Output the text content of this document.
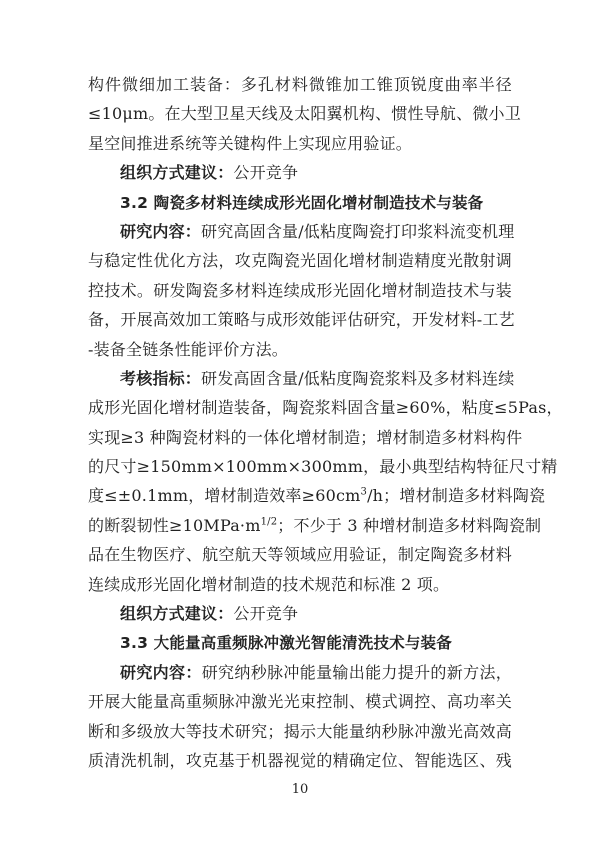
构件微细加工装备：多孔材料微锥加工锥顶锐度曲率半径
≤10μm。在大型卫星天线及太阳翼机构、惯性导航、微小卫
星空间推进系统等关键构件上实现应用验证。
组织方式建议：公开竞争
3.2 陶瓷多材料连续成形光固化增材制造技术与装备
研究内容：研究高固含量/低粘度陶瓷打印浆料流变机理
与稳定性优化方法，攻克陶瓷光固化增材制造精度光散射调
控技术。研发陶瓷多材料连续成形光固化增材制造技术与装
备，开展高效加工策略与成形效能评估研究，开发材料-工艺
-装备全链条性能评价方法。
考核指标：研发高固含量/低粘度陶瓷浆料及多材料连续
成形光固化增材制造装备，陶瓷浆料固含量≥60%，粘度≤5Pas，
实现≥3 种陶瓷材料的一体化增材制造；增材制造多材料构件
的尺寸≥150mm×100mm×300mm，最小典型结构特征尺寸精
度≤±0.1mm，增材制造效率$\ge 60cm^3/h$；增材制造多材料陶瓷
的断裂韧性$\ge 10MPa\cdot m^{1/2}$；不少于 3 种增材制造多材料陶瓷制
品在生物医疗、航空航天等领域应用验证，制定陶瓷多材料
连续成形光固化增材制造的技术规范和标准 2 项。
组织方式建议：公开竞争
3.3 大能量高重频脉冲激光智能清洗技术与装备
研究内容：研究纳秒脉冲能量输出能力提升的新方法，
开展大能量高重频脉冲激光光束控制、模式调控、高功率关
断和多级放大等技术研究；揭示大能量纳秒脉冲激光高效高
质清洗机制，攻克基于机器视觉的精确定位、智能选区、残
10
